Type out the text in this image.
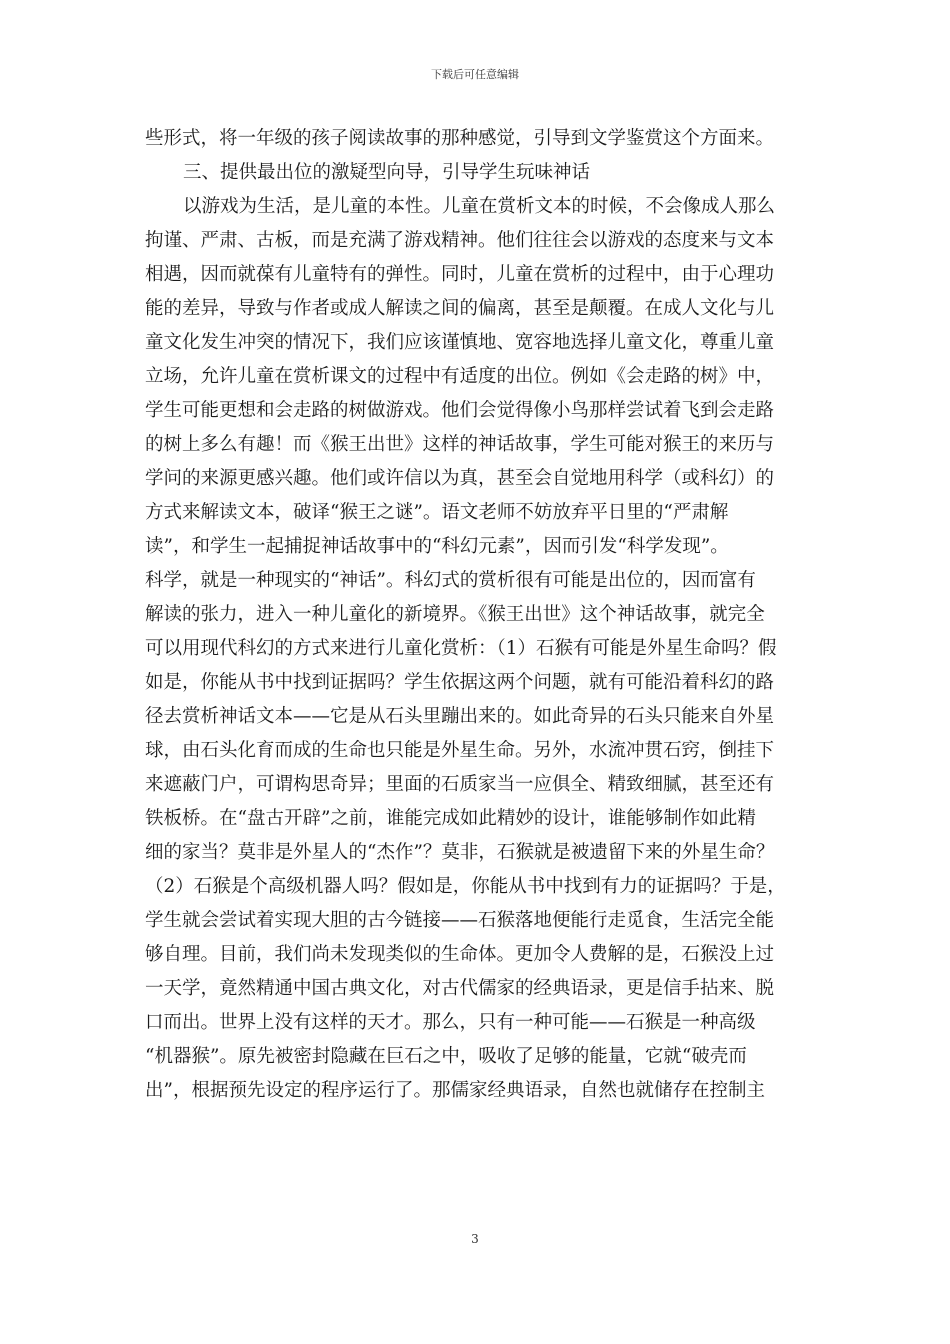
下载后可任意编辑
些形式，将一年级的孩子阅读故事的那种感觉，引导到文学鉴赏这个方面来。
三、提供最出位的激疑型向导，引导学生玩味神话
以游戏为生活，是儿童的本性。儿童在赏析文本的时候，不会像成人那么
拘谨、严肃、古板，而是充满了游戏精神。他们往往会以游戏的态度来与文本
相遇，因而就葆有儿童特有的弹性。同时，儿童在赏析的过程中，由于心理功
能的差异，导致与作者或成人解读之间的偏离，甚至是颠覆。在成人文化与儿
童文化发生冲突的情况下，我们应该谨慎地、宽容地选择儿童文化，尊重儿童
立场，允许儿童在赏析课文的过程中有适度的出位。例如《会走路的树》中，
学生可能更想和会走路的树做游戏。他们会觉得像小鸟那样尝试着飞到会走路
的树上多么有趣！而《猴王出世》这样的神话故事，学生可能对猴王的来历与
学问的来源更感兴趣。他们或许信以为真，甚至会自觉地用科学（或科幻）的
方式来解读文本，破译“猴王之谜”。语文老师不妨放弃平日里的“严肃解
读”，和学生一起捕捉神话故事中的“科幻元素”，因而引发“科学发现”。
科学，就是一种现实的“神话”。科幻式的赏析很有可能是出位的，因而富有
解读的张力，进入一种儿童化的新境界。《猴王出世》这个神话故事，就完全
可以用现代科幻的方式来进行儿童化赏析：（1）石猴有可能是外星生命吗？假
如是，你能从书中找到证据吗？学生依据这两个问题，就有可能沿着科幻的路
径去赏析神话文本——它是从石头里蹦出来的。如此奇异的石头只能来自外星
球，由石头化育而成的生命也只能是外星生命。另外，水流冲贯石窍，倒挂下
来遮蔽门户，可谓构思奇异；里面的石质家当一应俱全、精致细腻，甚至还有
铁板桥。在“盘古开辟”之前，谁能完成如此精妙的设计，谁能够制作如此精
细的家当？莫非是外星人的“杰作”？莫非，石猴就是被遗留下来的外星生命？
（2）石猴是个高级机器人吗？假如是，你能从书中找到有力的证据吗？于是，
学生就会尝试着实现大胆的古今链接——石猴落地便能行走觅食，生活完全能
够自理。目前，我们尚未发现类似的生命体。更加令人费解的是，石猴没上过
一天学，竟然精通中国古典文化，对古代儒家的经典语录，更是信手拈来、脱
口而出。世界上没有这样的天才。那么，只有一种可能——石猴是一种高级
“机器猴”。原先被密封隐藏在巨石之中，吸收了足够的能量，它就“破壳而
出”，根据预先设定的程序运行了。那儒家经典语录，自然也就储存在控制主
3
